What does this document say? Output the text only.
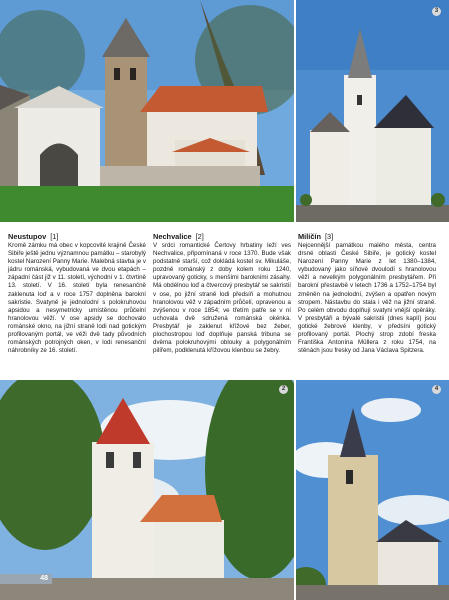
3
Neustupov [1]

Kromě zámku má obec v kopcovité krajině České Sibiře ještě jednu významnou památku – starobylý kostel Narození Panny Marie. Malebná stavba je v jádru románská, vybudovaná ve dvou etapách – západní část již v 11. století, východní v 1. čtvrtině 13. století. V 16. století byla renesančně zaklenuta loď a v roce 1757 doplněna barokní sakristie. Svatyně je jednolodní s polokruhovou apsidou a nesymetricky umístěnou průčelní hranolovou věží. V ose apsidy se dochovalo románské okno, na jižní straně lodi nad gotickým profilovaným portál, ve věži dvě tady původních románských potrojných oken, v lodi renesanční náhrobníky ze 16. století.

Nechvalice [2]

V srdci romantické Čertovy hrbatiny leží ves Nechvalice, připomínaná v roce 1370. Bude však podstatně starší, což dokládá kostel sv. Mikuláše, pozdně románský z doby kolem roku 1240, upravovaný goticky, s menšími barokními zásahy. Má obdélnou loď a čtvercový presbytář se sakristií v ose, po jižní straně lodi předsíň a mohutnou hranolovou věž v západním průčelí, opravenou a zvýšenou v roce 1854; ve třetím patře se v ní uchovala dvě sdružená románská okénka. Presbytář je zaklenut křížové bez žeber, plochostropou loď doplňuje panská tribuna se dvěma polokruhovými oblouky a polygonálním pilířem, podklenutá křížovou klenbou se žebry.

Milíčín [3]

Nejcennější památkou malého města, centra drsné oblasti České Sibiře, je gotický kostel Narození Panny Marie z let 1380–1384, vybudovaný jako síňové dvoulodí s hranolovou věží a nevelkým polygonálním presbytářem. Při barokní přestavbě v letech 1736 a 1752–1754 byl změněn na jednolodní, zvýšen a opatřen novým stropem. Nástavbu do stala i věž na jižní straně. Po celém obvodu doplňují svatyni vnější opěráky. V presbytáři a bývalé sakristii (dnes kaplí) jsou gotické žebrové klenby, v předsíni gotický profilovaný portál. Plochý strop zdobí freska Františka Antonína Müllera z roku 1754, na stěnách jsou fresky od Jana Václava Spitzera.

2
48
4
